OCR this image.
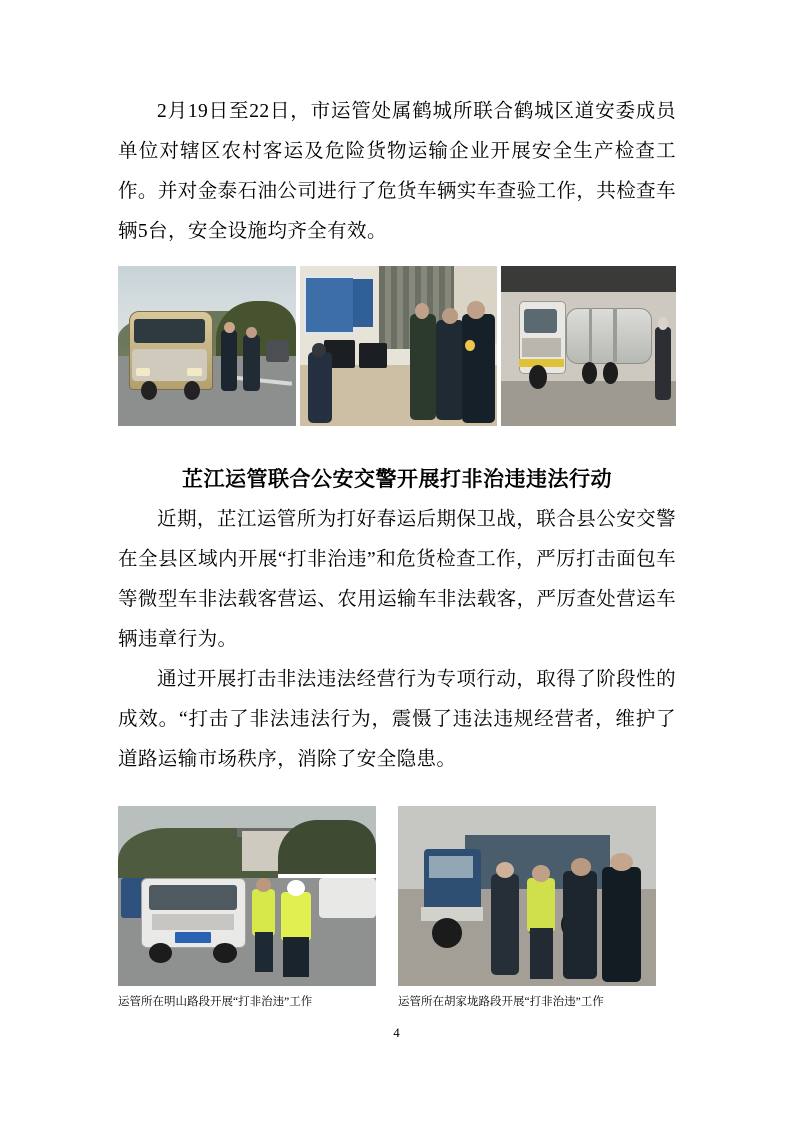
2月19日至22日，市运管处属鹤城所联合鹤城区道安委成员单位对辖区农村客运及危险货物运输企业开展安全生产检查工作。并对金泰石油公司进行了危货车辆实车查验工作，共检查车辆5台，安全设施均齐全有效。

芷江运管联合公安交警开展打非治违违法行动

近期，芷江运管所为打好春运后期保卫战，联合县公安交警在全县区域内开展“打非治违”和危货检查工作，严厉打击面包车等微型车非法载客营运、农用运输车非法载客，严厉查处营运车辆违章行为。

通过开展打击非法违法经营行为专项行动，取得了阶段性的成效。“打击了非法违法行为，震慑了违法违规经营者，维护了道路运输市场秩序，消除了安全隐患。

运管所在明山路段开展“打非治违”工作	运管所在胡家垅路段开展“打非治违”工作
4
